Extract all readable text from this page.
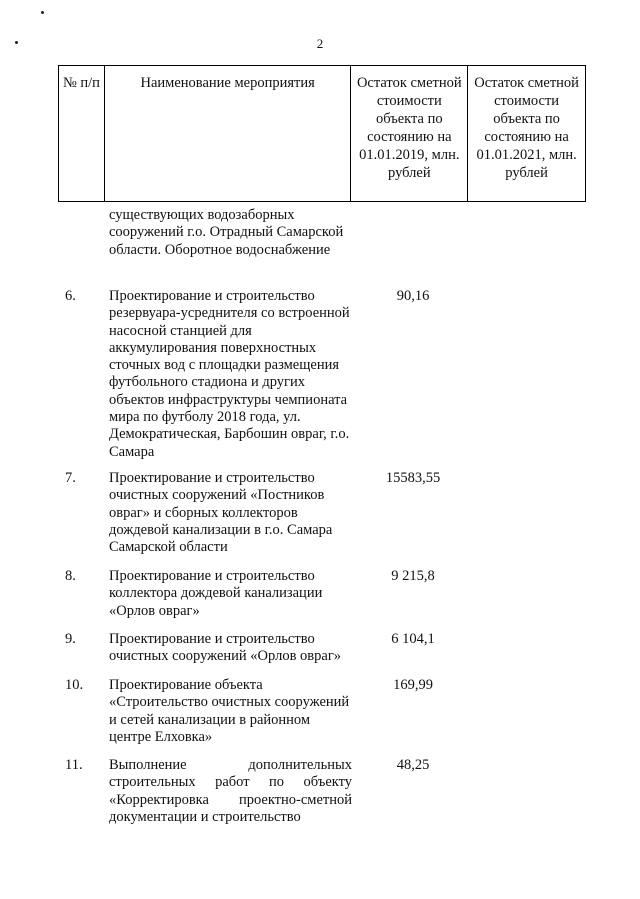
2
№ п/п	Наименование мероприятия	Остаток сметной стоимости объекта по состоянию на 01.01.2019, млн. рублей
Остаток сметной стоимости объекта по состоянию на 01.01.2021, млн. рублей
существующих водозаборных сооружений г.о. Отрадный Самарской области. Оборотное водоснабжение
6. Проектирование и строительство резервуара-усреднителя со встроенной насосной станцией для аккумулирования поверхностных сточных вод с площадки размещения футбольного стадиона и других объектов инфраструктуры чемпионата мира по футболу 2018 года, ул. Демократическая, Барбошин овраг, г.о. Самара
90,16
7. Проектирование и строительство очистных сооружений «Постников овраг» и сборных коллекторов дождевой канализации в г.о. Самара Самарской области
15583,55
8. Проектирование и строительство коллектора дождевой канализации «Орлов овраг»
9 215,8
9. Проектирование и строительство очистных сооружений «Орлов овраг»
6 104,1
10. Проектирование объекта «Строительство очистных сооружений и сетей канализации в районном центре Елховка»
169,99
11. Выполнение дополнительных строительных работ по объекту «Корректировка проектно-сметной документации и строительство
48,25
